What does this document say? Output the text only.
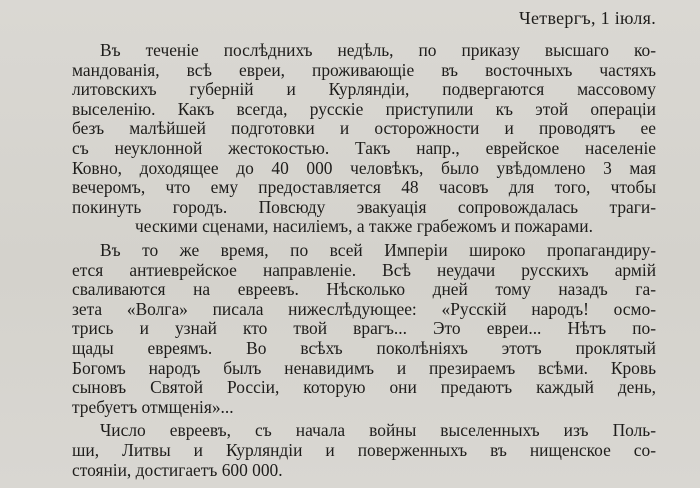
Четвергъ, 1 іюля.
Въ теченіе послѣднихъ недѣль, по приказу высшаго ко-
мандованія, всѣ евреи, проживающіе въ восточныхъ частяхъ
литовскихъ губерній и Курляндіи, подвергаются массовому
выселенію. Какъ всегда, русскіе приступили къ этой операціи
безъ малѣйшей подготовки и осторожности и проводятъ ее
съ неуклонной жестокостью. Такъ напр., еврейское населеніе
Ковно, доходящее до 40 000 человѣкъ, было увѣдомлено 3 мая
вечеромъ, что ему предоставляется 48 часовъ для того, чтобы
покинуть городъ. Повсюду эвакуація сопровождалась траги-
ческими сценами, насиліемъ, а также грабежомъ и пожарами.
Въ то же время, по всей Имперіи широко пропагандиру-
ется антиеврейское направленіе. Всѣ неудачи русскихъ армій
сваливаются на евреевъ. Нѣсколько дней тому назадъ га-
зета «Волга» писала нижеслѣдующее: «Русскій народъ! осмо-
трись и узнай кто твой врагъ... Это евреи... Нѣтъ по-
щады евреямъ. Во всѣхъ поколѣніяхъ этотъ проклятый
Богомъ народъ былъ ненавидимъ и презираемъ всѣми. Кровь
сыновъ Святой Россіи, которую они предаютъ каждый день,
требуетъ отмщенія»...
Число евреевъ, съ начала войны выселенныхъ изъ Поль-
ши, Литвы и Курляндіи и поверженныхъ въ нищенское со-
стояніи, достигаетъ 600 000.
